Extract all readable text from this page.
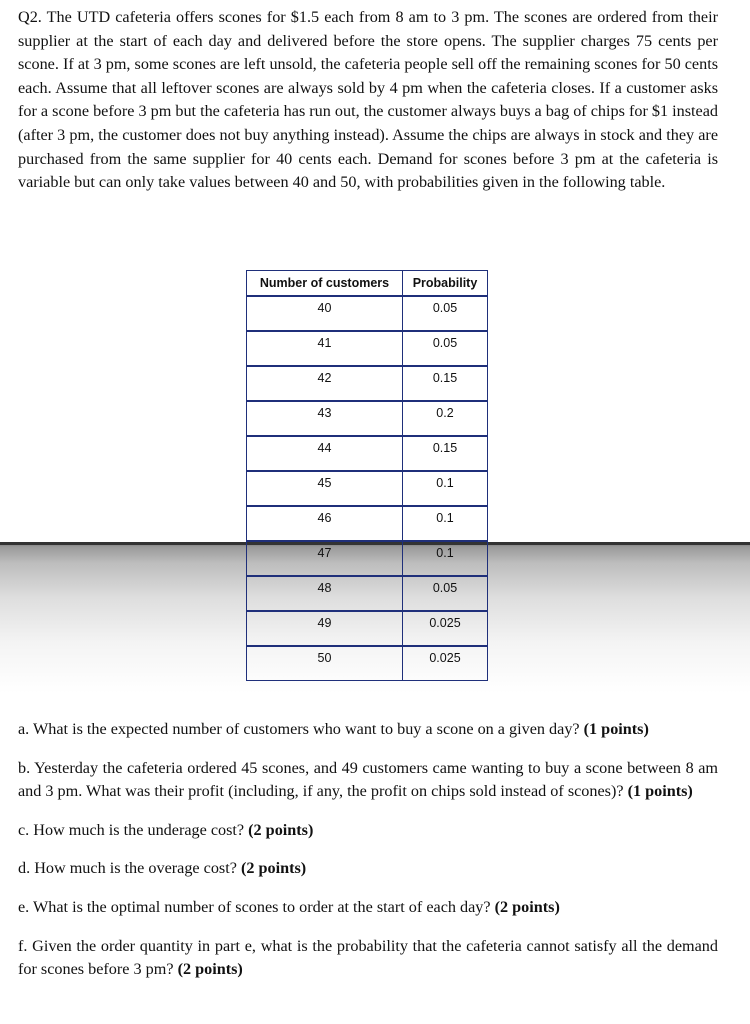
Q2. The UTD cafeteria offers scones for $1.5 each from 8 am to 3 pm. The scones are ordered from their supplier at the start of each day and delivered before the store opens. The supplier charges 75 cents per scone. If at 3 pm, some scones are left unsold, the cafeteria people sell off the remaining scones for 50 cents each. Assume that all leftover scones are always sold by 4 pm when the cafeteria closes. If a customer asks for a scone before 3 pm but the cafeteria has run out, the customer always buys a bag of chips for $1 instead (after 3 pm, the customer does not buy anything instead). Assume the chips are always in stock and they are purchased from the same supplier for 40 cents each. Demand for scones before 3 pm at the cafeteria is variable but can only take values between 40 and 50, with probabilities given in the following table.

Number of customers	Probability
40	0.05
41	0.05
42	0.15
43	0.2
44	0.15
45	0.1
46	0.1
47	0.1
48	0.05
49	0.025
50	0.025

a. What is the expected number of customers who want to buy a scone on a given day? (1 points)

b. Yesterday the cafeteria ordered 45 scones, and 49 customers came wanting to buy a scone between 8 am and 3 pm. What was their profit (including, if any, the profit on chips sold instead of scones)? (1 points)

c. How much is the underage cost? (2 points)

d. How much is the overage cost? (2 points)

e. What is the optimal number of scones to order at the start of each day? (2 points)

f. Given the order quantity in part e, what is the probability that the cafeteria cannot satisfy all the demand for scones before 3 pm? (2 points)
